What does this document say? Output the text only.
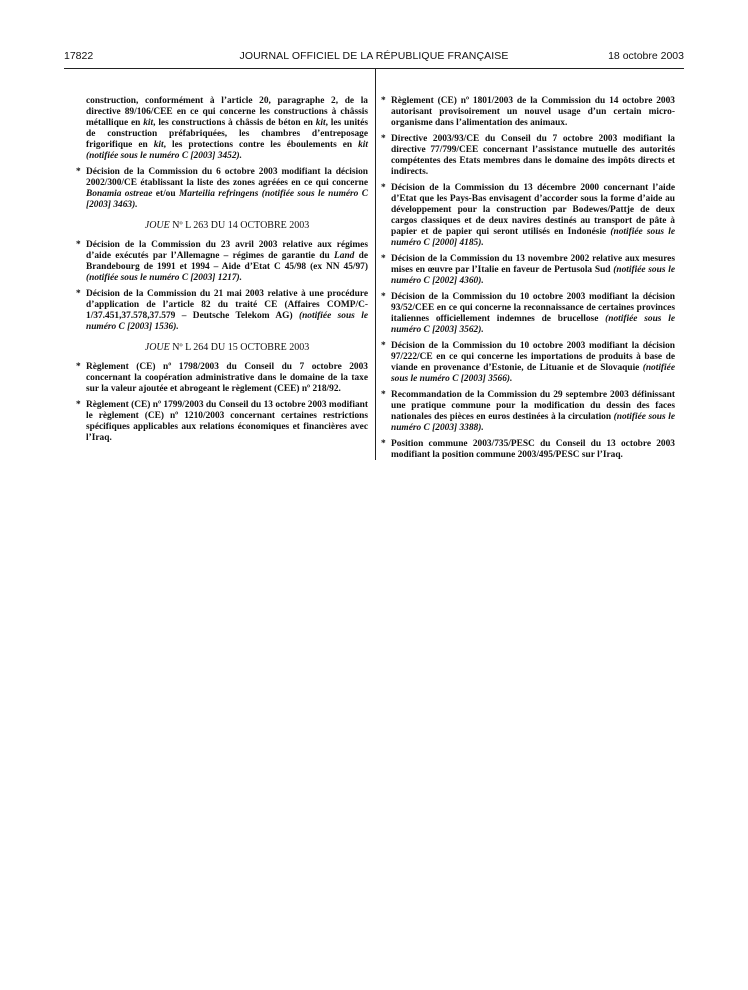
17822	JOURNAL OFFICIEL DE LA RÉPUBLIQUE FRANÇAISE	18 octobre 2003

construction, conformément à l’article 20, paragraphe 2, de la directive 89/106/CEE en ce qui concerne les constructions à châssis métallique en kit, les constructions à châssis de béton en kit, les unités de construction préfabriquées, les chambres d’entreposage frigorifique en kit, les protections contre les éboulements en kit (notifiée sous le numéro C [2003] 3452).

* Décision de la Commission du 6 octobre 2003 modifiant la décision 2002/300/CE établissant la liste des zones agréées en ce qui concerne Bonamia ostreae et/ou Marteilia refringens (notifiée sous le numéro C [2003] 3463).

JOUE Nº L 263 DU 14 OCTOBRE 2003

* Décision de la Commission du 23 avril 2003 relative aux régimes d’aide exécutés par l’Allemagne – régimes de garantie du Land de Brandebourg de 1991 et 1994 – Aide d’Etat C 45/98 (ex NN 45/97) (notifiée sous le numéro C [2003] 1217).

* Décision de la Commission du 21 mai 2003 relative à une procédure d’application de l’article 82 du traité CE (Affaires COMP/C-1/37.451,37.578,37.579 – Deutsche Telekom AG) (notifiée sous le numéro C [2003] 1536).

JOUE Nº L 264 DU 15 OCTOBRE 2003

* Règlement (CE) nº 1798/2003 du Conseil du 7 octobre 2003 concernant la coopération administrative dans le domaine de la taxe sur la valeur ajoutée et abrogeant le règlement (CEE) nº 218/92.

* Règlement (CE) nº 1799/2003 du Conseil du 13 octobre 2003 modifiant le règlement (CE) nº 1210/2003 concernant certaines restrictions spécifiques applicables aux relations économiques et financières avec l’Iraq.

* Règlement (CE) nº 1801/2003 de la Commission du 14 octobre 2003 autorisant provisoirement un nouvel usage d’un certain micro-organisme dans l’alimentation des animaux.

* Directive 2003/93/CE du Conseil du 7 octobre 2003 modifiant la directive 77/799/CEE concernant l’assistance mutuelle des autorités compétentes des Etats membres dans le domaine des impôts directs et indirects.

* Décision de la Commission du 13 décembre 2000 concernant l’aide d’Etat que les Pays-Bas envisagent d’accorder sous la forme d’aide au développement pour la construction par Bodewes/Pattje de deux cargos classiques et de deux navires destinés au transport de pâte à papier et de papier qui seront utilisés en Indonésie (notifiée sous le numéro C [2000] 4185).

* Décision de la Commission du 13 novembre 2002 relative aux mesures mises en œuvre par l’Italie en faveur de Pertusola Sud (notifiée sous le numéro C [2002] 4360).

* Décision de la Commission du 10 octobre 2003 modifiant la décision 93/52/CEE en ce qui concerne la reconnaissance de certaines provinces italiennes officiellement indemnes de brucellose (notifiée sous le numéro C [2003] 3562).

* Décision de la Commission du 10 octobre 2003 modifiant la décision 97/222/CE en ce qui concerne les importations de produits à base de viande en provenance d’Estonie, de Lituanie et de Slovaquie (notifiée sous le numéro C [2003] 3566).

* Recommandation de la Commission du 29 septembre 2003 définissant une pratique commune pour la modification du dessin des faces nationales des pièces en euros destinées à la circulation (notifiée sous le numéro C [2003] 3388).

* Position commune 2003/735/PESC du Conseil du 13 octobre 2003 modifiant la position commune 2003/495/PESC sur l’Iraq.
